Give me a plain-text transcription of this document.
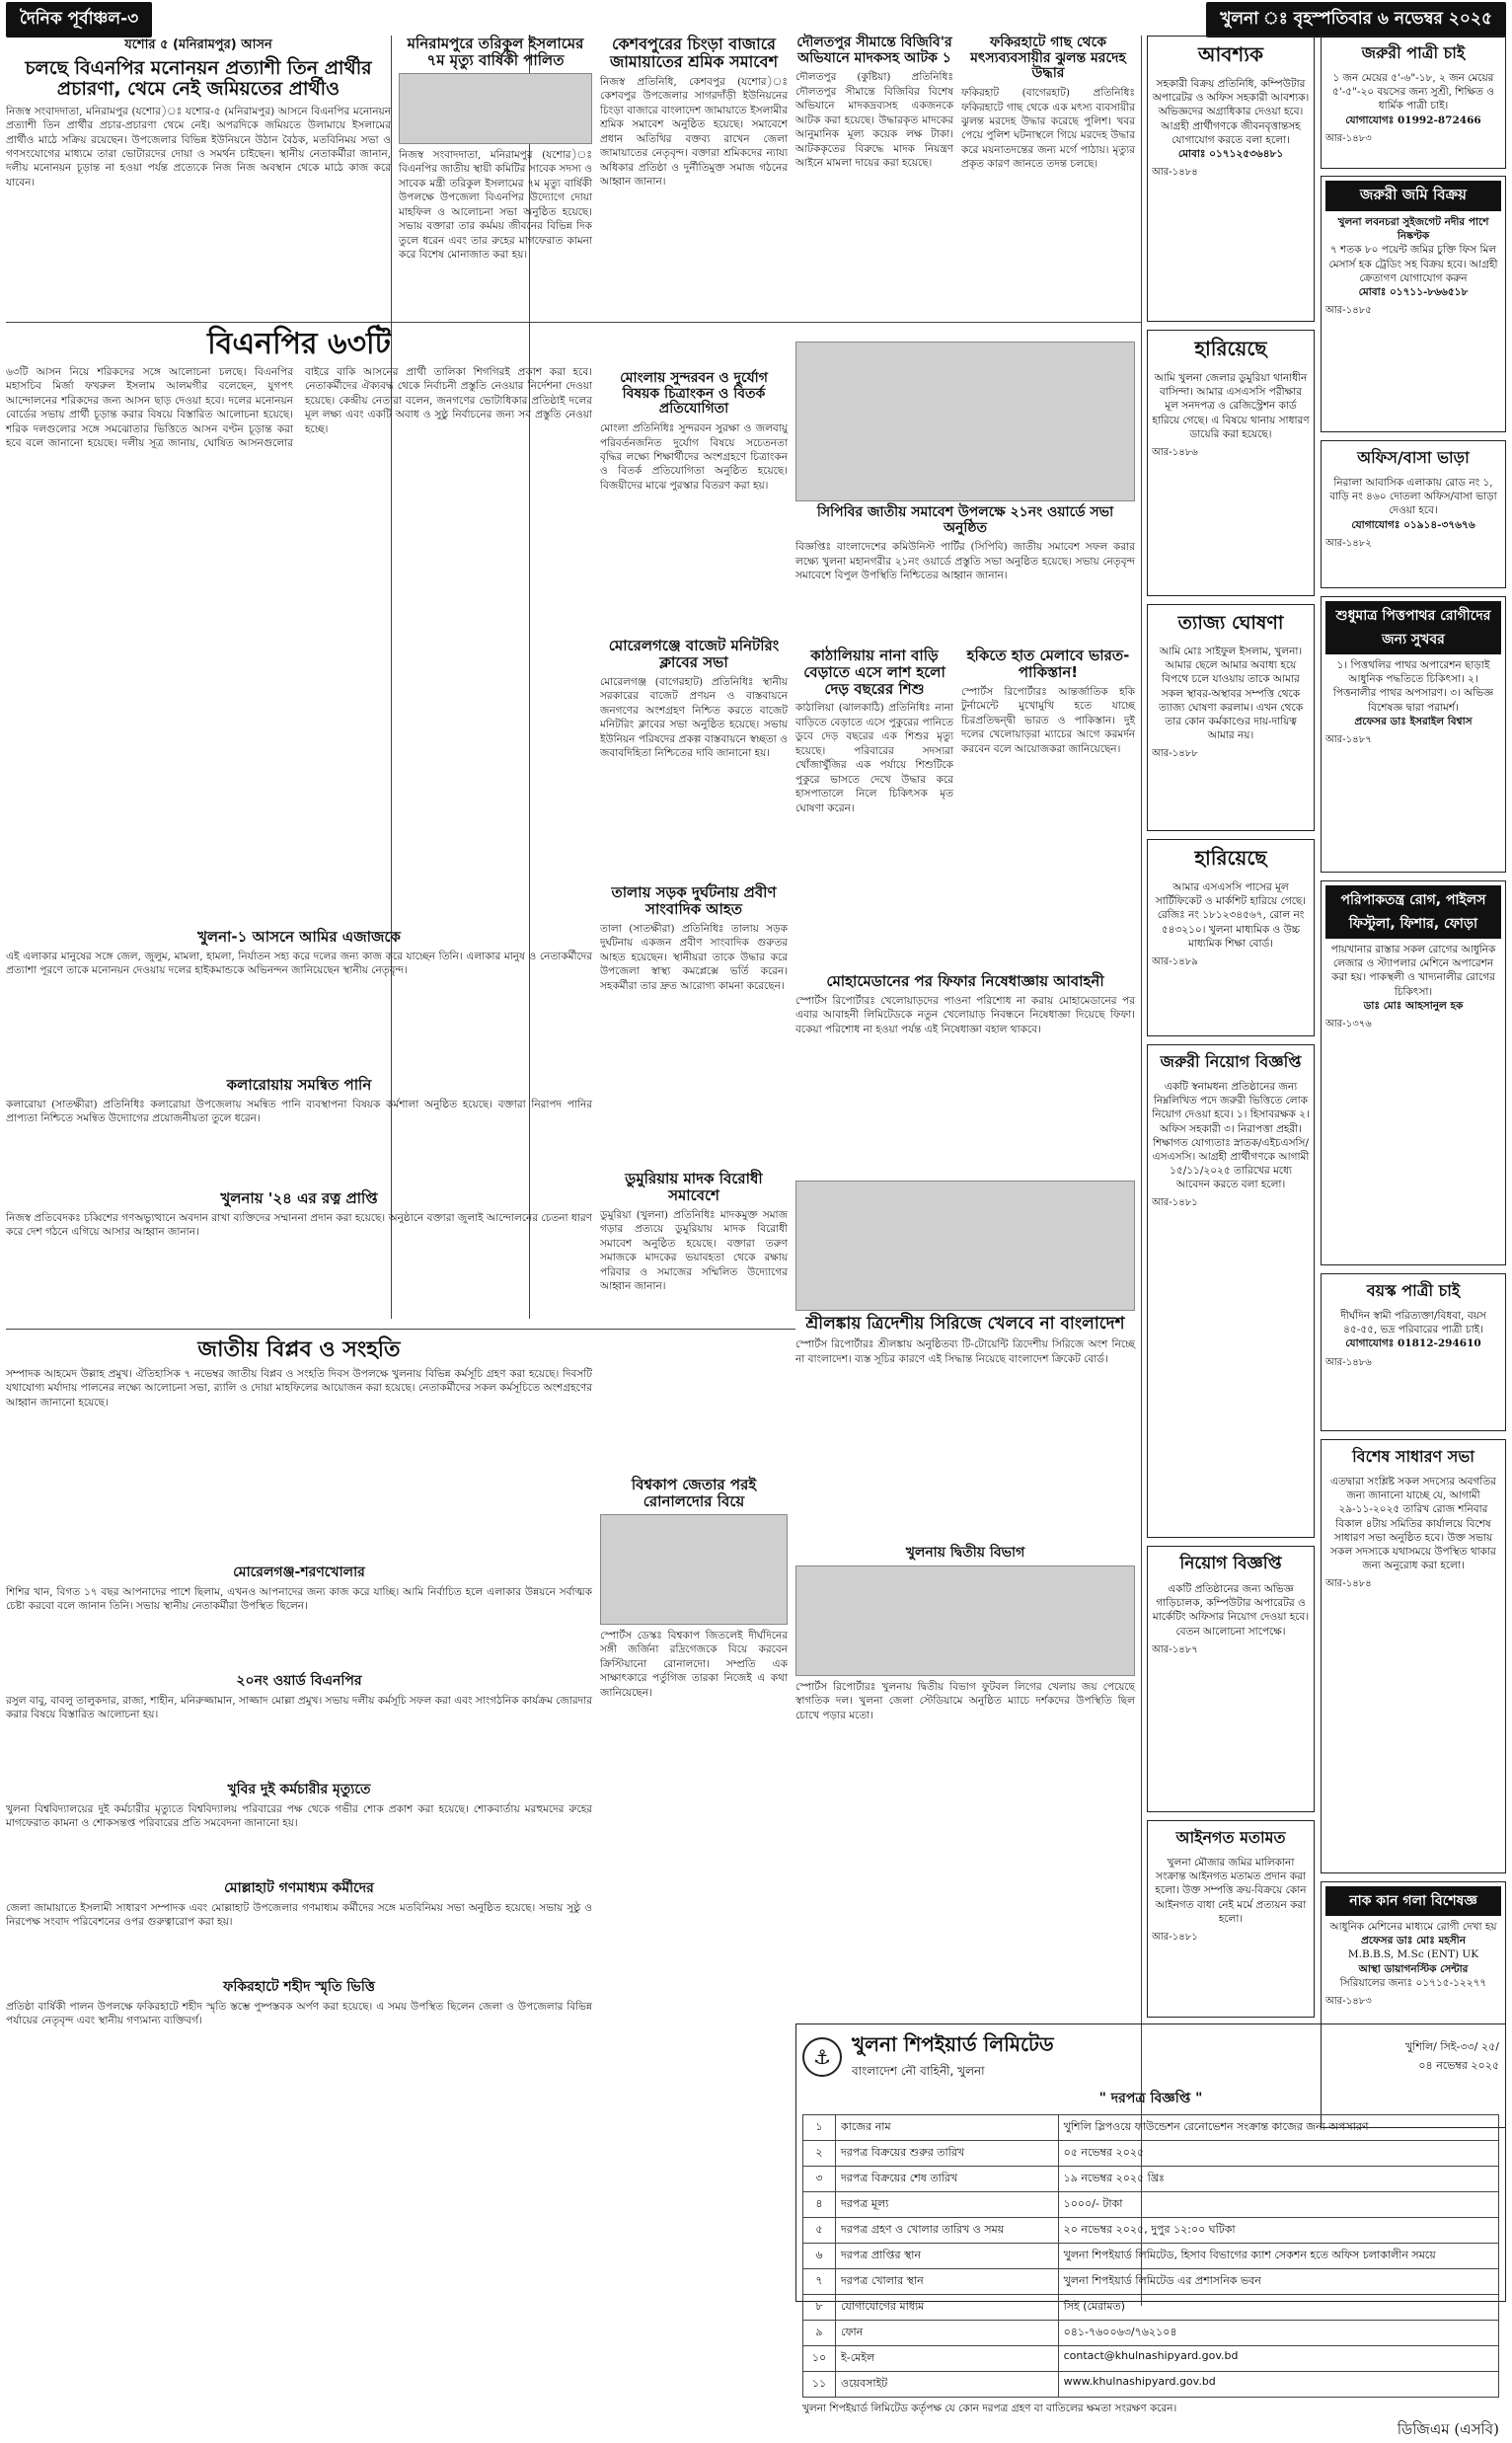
দৈনিক পূর্বাঞ্চল-৩	খুলনা ঃ বৃহস্পতিবার ৬ নভেম্বর ২০২৫
যশোর ৫ (মনিরামপুর) আসন
চলছে বিএনপির মনোনয়ন প্রত্যাশী তিন প্রার্থীর প্রচারণা, থেমে নেই জমিয়তের প্রার্থীও

নিজস্ব সংবাদদাতা, মনিরামপুর (যশোর)ঃ যশোর-৫ (মনিরামপুর) আসনে বিএনপির মনোনয়ন প্রত্যাশী তিন প্রার্থীর প্রচার-প্রচারণা থেমে নেই। অপরদিকে জমিয়তে উলামায়ে ইসলামের প্রার্থীও মাঠে সক্রিয় রয়েছেন। উপজেলার বিভিন্ন ইউনিয়নে উঠান বৈঠক, মতবিনিময় সভা ও গণসংযোগের মাধ্যমে তারা ভোটারদের দোয়া ও সমর্থন চাইছেন। স্থানীয় নেতাকর্মীরা জানান, দলীয় মনোনয়ন চূড়ান্ত না হওয়া পর্যন্ত প্রত্যেকে নিজ নিজ অবস্থান থেকে মাঠে কাজ করে যাবেন।

মনিরামপুরে তরিকুল ইসলামের ৭ম মৃত্যু বার্ষিকী পালিত

নিজস্ব সংবাদদাতা, মনিরামপুর (যশোর)ঃ বিএনপির জাতীয় স্থায়ী কমিটির সাবেক সদস্য ও সাবেক মন্ত্রী তরিকুল ইসলামের ৭ম মৃত্যু বার্ষিকী উপলক্ষে উপজেলা বিএনপির উদ্যোগে দোয়া মাহফিল ও আলোচনা সভা অনুষ্ঠিত হয়েছে। সভায় বক্তারা তার কর্মময় জীবনের বিভিন্ন দিক তুলে ধরেন এবং তার রুহের মাগফেরাত কামনা করে বিশেষ মোনাজাত করা হয়।

কেশবপুরের চিংড়া বাজারে জামায়াতের শ্রমিক সমাবেশ

নিজস্ব প্রতিনিধি, কেশবপুর (যশোর)ঃ কেশবপুর উপজেলার সাগরদাঁড়ী ইউনিয়নের চিংড়া বাজারে বাংলাদেশ জামায়াতে ইসলামীর শ্রমিক সমাবেশ অনুষ্ঠিত হয়েছে। সমাবেশে প্রধান অতিথির বক্তব্য রাখেন জেলা জামায়াতের নেতৃবৃন্দ। বক্তারা শ্রমিকদের ন্যায্য অধিকার প্রতিষ্ঠা ও দুর্নীতিমুক্ত সমাজ গঠনের আহ্বান জানান।

দৌলতপুর সীমান্তে বিজিবি'র অভিযানে মাদকসহ আটক ১

দৌলতপুর (কুষ্টিয়া) প্রতিনিধিঃ দৌলতপুর সীমান্তে বিজিবির বিশেষ অভিযানে মাদকদ্রব্যসহ একজনকে আটক করা হয়েছে। উদ্ধারকৃত মাদকের আনুমানিক মূল্য কয়েক লক্ষ টাকা। আটককৃতের বিরুদ্ধে মাদক নিয়ন্ত্রণ আইনে মামলা দায়ের করা হয়েছে।

ফকিরহাটে গাছ থেকে মৎস্যব্যবসায়ীর ঝুলন্ত মরদেহ উদ্ধার

ফকিরহাট (বাগেরহাট) প্রতিনিধিঃ ফকিরহাটে গাছ থেকে এক মৎস্য ব্যবসায়ীর ঝুলন্ত মরদেহ উদ্ধার করেছে পুলিশ। খবর পেয়ে পুলিশ ঘটনাস্থলে গিয়ে মরদেহ উদ্ধার করে ময়নাতদন্তের জন্য মর্গে পাঠায়। মৃত্যুর প্রকৃত কারণ জানতে তদন্ত চলছে।

বিএনপির ৬৩টি

৬৩টি আসন নিয়ে শরিকদের সঙ্গে আলোচনা চলছে। বিএনপির মহাসচিব মির্জা ফখরুল ইসলাম আলমগীর বলেছেন, যুগপৎ আন্দোলনের শরিকদের জন্য আসন ছাড় দেওয়া হবে। দলের মনোনয়ন বোর্ডের সভায় প্রার্থী চূড়ান্ত করার বিষয়ে বিস্তারিত আলোচনা হয়েছে। শরিক দলগুলোর সঙ্গে সমঝোতার ভিত্তিতে আসন বণ্টন চূড়ান্ত করা হবে বলে জানানো হয়েছে। দলীয় সূত্র জানায়, ঘোষিত আসনগুলোর বাইরে বাকি আসনের প্রার্থী তালিকা শিগগিরই প্রকাশ করা হবে। নেতাকর্মীদের ঐক্যবদ্ধ থেকে নির্বাচনী প্রস্তুতি নেওয়ার নির্দেশনা দেওয়া হয়েছে। কেন্দ্রীয় নেতারা বলেন, জনগণের ভোটাধিকার প্রতিষ্ঠাই দলের মূল লক্ষ্য এবং একটি অবাধ ও সুষ্ঠু নির্বাচনের জন্য সব প্রস্তুতি নেওয়া হচ্ছে।

মোংলায় সুন্দরবন ও দুর্যোগ বিষয়ক চিত্রাংকন ও বিতর্ক প্রতিযোগিতা

মোংলা প্রতিনিধিঃ সুন্দরবন সুরক্ষা ও জলবায়ু পরিবর্তনজনিত দুর্যোগ বিষয়ে সচেতনতা বৃদ্ধির লক্ষ্যে শিক্ষার্থীদের অংশগ্রহণে চিত্রাংকন ও বিতর্ক প্রতিযোগিতা অনুষ্ঠিত হয়েছে। বিজয়ীদের মাঝে পুরস্কার বিতরণ করা হয়।

কাঠালিয়ায় নানা বাড়ি বেড়াতে এসে লাশ হলো দেড় বছরের শিশু

কাঠালিয়া (ঝালকাঠি) প্রতিনিধিঃ নানা বাড়িতে বেড়াতে এসে পুকুরের পানিতে ডুবে দেড় বছরের এক শিশুর মৃত্যু হয়েছে। পরিবারের সদস্যরা খোঁজাখুঁজির এক পর্যায়ে শিশুটিকে পুকুরে ভাসতে দেখে উদ্ধার করে হাসপাতালে নিলে চিকিৎসক মৃত ঘোষণা করেন।

সিপিবির জাতীয় সমাবেশ উপলক্ষে ২১নং ওয়ার্ডে সভা অনুষ্ঠিত

বিজ্ঞপ্তিঃ বাংলাদেশের কমিউনিস্ট পার্টির (সিপিবি) জাতীয় সমাবেশ সফল করার লক্ষ্যে খুলনা মহানগরীর ২১নং ওয়ার্ডে প্রস্তুতি সভা অনুষ্ঠিত হয়েছে। সভায় নেতৃবৃন্দ সমাবেশে বিপুল উপস্থিতি নিশ্চিতের আহ্বান জানান।

মোরেলগঞ্জে বাজেট মনিটরিং ক্লাবের সভা

মোরেলগঞ্জ (বাগেরহাট) প্রতিনিধিঃ স্থানীয় সরকারের বাজেট প্রণয়ন ও বাস্তবায়নে জনগণের অংশগ্রহণ নিশ্চিত করতে বাজেট মনিটরিং ক্লাবের সভা অনুষ্ঠিত হয়েছে। সভায় ইউনিয়ন পরিষদের প্রকল্প বাস্তবায়নে স্বচ্ছতা ও জবাবদিহিতা নিশ্চিতের দাবি জানানো হয়।

হকিতে হাত মেলাবে ভারত-পাকিস্তান!

স্পোর্টস রিপোর্টারঃ আন্তর্জাতিক হকি টুর্নামেন্টে মুখোমুখি হতে যাচ্ছে চিরপ্রতিদ্বন্দ্বী ভারত ও পাকিস্তান। দুই দলের খেলোয়াড়রা ম্যাচের আগে করমর্দন করবেন বলে আয়োজকরা জানিয়েছেন।

খুলনা-১ আসনে আমির এজাজকে

এই এলাকার মানুষের সঙ্গে জেল, জুলুম, মামলা, হামলা, নির্যাতন সহ্য করে দলের জন্য কাজ করে যাচ্ছেন তিনি। এলাকার মানুষ ও নেতাকর্মীদের প্রত্যাশা পূরণে তাকে মনোনয়ন দেওয়ায় দলের হাইকমান্ডকে অভিনন্দন জানিয়েছেন স্থানীয় নেতৃবৃন্দ।

তালায় সড়ক দুর্ঘটনায় প্রবীণ সাংবাদিক আহত

তালা (সাতক্ষীরা) প্রতিনিধিঃ তালায় সড়ক দুর্ঘটনায় একজন প্রবীণ সাংবাদিক গুরুতর আহত হয়েছেন। স্থানীয়রা তাকে উদ্ধার করে উপজেলা স্বাস্থ্য কমপ্লেক্সে ভর্তি করেন। সহকর্মীরা তার দ্রুত আরোগ্য কামনা করেছেন।	মোহামেডানের পর ফিফার নিষেধাজ্ঞায় আবাহনী

স্পোর্টস রিপোর্টারঃ খেলোয়াড়দের পাওনা পরিশোধ না করায় মোহামেডানের পর এবার আবাহনী লিমিটেডকে নতুন খেলোয়াড় নিবন্ধনে নিষেধাজ্ঞা দিয়েছে ফিফা। বকেয়া পরিশোধ না হওয়া পর্যন্ত এই নিষেধাজ্ঞা বহাল থাকবে।

কলারোয়ায় সমন্বিত পানি

কলারোয়া (সাতক্ষীরা) প্রতিনিধিঃ কলারোয়া উপজেলায় সমন্বিত পানি ব্যবস্থাপনা বিষয়ক কর্মশালা অনুষ্ঠিত হয়েছে। বক্তারা নিরাপদ পানির প্রাপ্যতা নিশ্চিতে সমন্বিত উদ্যোগের প্রয়োজনীয়তা তুলে ধরেন।

খুলনায় '২৪ এর রত্ন প্রাপ্তি

নিজস্ব প্রতিবেদকঃ চব্বিশের গণঅভ্যুত্থানে অবদান রাখা ব্যক্তিদের সম্মাননা প্রদান করা হয়েছে। অনুষ্ঠানে বক্তারা জুলাই আন্দোলনের চেতনা ধারণ করে দেশ গঠনে এগিয়ে আসার আহ্বান জানান।

ডুমুরিয়ায় মাদক বিরোধী সমাবেশে

ডুমুরিয়া (খুলনা) প্রতিনিধিঃ মাদকমুক্ত সমাজ গড়ার প্রত্যয়ে ডুমুরিয়ায় মাদক বিরোধী সমাবেশ অনুষ্ঠিত হয়েছে। বক্তারা তরুণ সমাজকে মাদকের ভয়াবহতা থেকে রক্ষায় পরিবার ও সমাজের সম্মিলিত উদ্যোগের আহ্বান জানান।

শ্রীলঙ্কায় ত্রিদেশীয় সিরিজে খেলবে না বাংলাদেশ

স্পোর্টস রিপোর্টারঃ শ্রীলঙ্কায় অনুষ্ঠিতব্য টি-টোয়েন্টি ত্রিদেশীয় সিরিজে অংশ নিচ্ছে না বাংলাদেশ। ব্যস্ত সূচির কারণে এই সিদ্ধান্ত নিয়েছে বাংলাদেশ ক্রিকেট বোর্ড।

জাতীয় বিপ্লব ও সংহতি

সম্পাদক আহমেদ উল্লাহ প্রমুখ। ঐতিহাসিক ৭ নভেম্বর জাতীয় বিপ্লব ও সংহতি দিবস উপলক্ষে খুলনায় বিভিন্ন কর্মসূচি গ্রহণ করা হয়েছে। দিবসটি যথাযোগ্য মর্যাদায় পালনের লক্ষ্যে আলোচনা সভা, র‌্যালি ও দোয়া মাহফিলের আয়োজন করা হয়েছে। নেতাকর্মীদের সকল কর্মসূচিতে অংশগ্রহণের আহ্বান জানানো হয়েছে।

বিশ্বকাপ জেতার পরই রোনালদোর বিয়ে

স্পোর্টস ডেস্কঃ বিশ্বকাপ জিতলেই দীর্ঘদিনের সঙ্গী জর্জিনা রদ্রিগেজকে বিয়ে করবেন ক্রিস্টিয়ানো রোনালদো। সম্প্রতি এক সাক্ষাৎকারে পর্তুগিজ তারকা নিজেই এ কথা জানিয়েছেন।

মোরেলগঞ্জ-শরণখোলার

শিশির খান, বিগত ১৭ বছর আপনাদের পাশে ছিলাম, এখনও আপনাদের জন্য কাজ করে যাচ্ছি। আমি নির্বাচিত হলে এলাকার উন্নয়নে সর্বাত্মক চেষ্টা করবো বলে জানান তিনি। সভায় স্থানীয় নেতাকর্মীরা উপস্থিত ছিলেন।

২০নং ওয়ার্ড বিএনপির

রসুল বাবু, বাবলু তালুকদার, রাজা, শাহীন, মনিরুজ্জামান, সাজ্জাদ মোল্লা প্রমুখ। সভায় দলীয় কর্মসূচি সফল করা এবং সাংগঠনিক কার্যক্রম জোরদার করার বিষয়ে বিস্তারিত আলোচনা হয়।

খুলনায় দ্বিতীয় বিভাগ

স্পোর্টস রিপোর্টারঃ খুলনায় দ্বিতীয় বিভাগ ফুটবল লিগের খেলায় জয় পেয়েছে স্বাগতিক দল। খুলনা জেলা স্টেডিয়ামে অনুষ্ঠিত ম্যাচে দর্শকদের উপস্থিতি ছিল চোখে পড়ার মতো।

খুবির দুই কর্মচারীর মৃত্যুতে

খুলনা বিশ্ববিদ্যালয়ের দুই কর্মচারীর মৃত্যুতে বিশ্ববিদ্যালয় পরিবারের পক্ষ থেকে গভীর শোক প্রকাশ করা হয়েছে। শোকবার্তায় মরহুমদের রুহের মাগফেরাত কামনা ও শোকসন্তপ্ত পরিবারের প্রতি সমবেদনা জানানো হয়।

মোল্লাহাট গণমাধ্যম কর্মীদের

জেলা জামায়াতে ইসলামী সাধারণ সম্পাদক এবং মোল্লাহাট উপজেলার গণমাধ্যম কর্মীদের সঙ্গে মতবিনিময় সভা অনুষ্ঠিত হয়েছে। সভায় সুষ্ঠু ও নিরপেক্ষ সংবাদ পরিবেশনের ওপর গুরুত্বারোপ করা হয়।

ফকিরহাটে শহীদ স্মৃতি ভিত্তি

প্রতিষ্ঠা বার্ষিকী পালন উপলক্ষে ফকিরহাটে শহীদ স্মৃতি স্তম্ভে পুষ্পস্তবক অর্পণ করা হয়েছে। এ সময় উপস্থিত ছিলেন জেলা ও উপজেলার বিভিন্ন পর্যায়ের নেতৃবৃন্দ এবং স্থানীয় গণ্যমান্য ব্যক্তিবর্গ।

আবশ্যক

সহকারী বিক্রয় প্রতিনিধি, কম্পিউটার অপারেটর ও অফিস সহকারী আবশ্যক। অভিজ্ঞদের অগ্রাধিকার দেওয়া হবে। আগ্রহী প্রার্থীগণকে জীবনবৃত্তান্তসহ যোগাযোগ করতে বলা হলো।

মোবাঃ ০১৭১২৫৩৬৪৮১

আর-১৪৮৪
জরুরী পাত্রী চাই

১ জন মেয়ের ৫'-৬"-১৮, ২ জন মেয়ের ৫'-৫"-২০ বয়সের জন্য সুশ্রী, শিক্ষিত ও ধার্মিক পাত্রী চাই।

যোগাযোগঃ 01992-872466

আর-১৪৮৩
জরুরী জমি বিক্রয়

খুলনা লবনচরা সুইজগেট নদীর পাশে নিষ্কণ্টক

৭ শতক ৮০ পয়েন্ট জমির চুক্তি ফিস মিল মেসার্স হক ট্রেডিং সহ বিক্রয় হবে। আগ্রহী ক্রেতাগণ যোগাযোগ করুন

মোবাঃ ০১৭১১-৮৬৬৫১৮

আর-১৪৮৫
হারিয়েছে

আমি খুলনা জেলার ডুমুরিয়া থানাধীন বাসিন্দা। আমার এসএসসি পরীক্ষার মূল সনদপত্র ও রেজিস্ট্রেশন কার্ড হারিয়ে গেছে। এ বিষয়ে থানায় সাধারণ ডায়েরি করা হয়েছে।

আর-১৪৮৬	অফিস/বাসা ভাড়া

নিরালা আবাসিক এলাকায় রোড নং ১, বাড়ি নং ৪৬০ দোতলা অফিস/বাসা ভাড়া দেওয়া হবে।

যোগাযোগঃ ০১৯১৪-৩৭৬৭৬

আর-১৪৮২
ত্যাজ্য ঘোষণা

আমি মোঃ সাইফুল ইসলাম, খুলনা। আমার ছেলে আমার অবাধ্য হয়ে বিপথে চলে যাওয়ায় তাকে আমার সকল স্থাবর-অস্থাবর সম্পত্তি থেকে ত্যাজ্য ঘোষণা করলাম। এখন থেকে তার কোন কর্মকাণ্ডের দায়-দায়িত্ব আমার নয়।

আর-১৪৮৮
শুধুমাত্র পিত্তপাথর রোগীদের জন্য সুখবর

১। পিত্তথলির পাথর অপারেশন ছাড়াই আধুনিক পদ্ধতিতে চিকিৎসা। ২। পিত্তনালীর পাথর অপসারণ। ৩। অভিজ্ঞ বিশেষজ্ঞ দ্বারা পরামর্শ।

প্রফেসর ডাঃ ইসরাইল বিশ্বাস

আর-১৪৮৭
হারিয়েছে

আমার এসএসসি পাসের মূল সার্টিফিকেট ও মার্কশিট হারিয়ে গেছে। রেজিঃ নং ১৮১২৩৪৫৬৭, রোল নং ৫৪৩২১০। খুলনা মাধ্যমিক ও উচ্চ মাধ্যমিক শিক্ষা বোর্ড।

আর-১৪৮৯
পরিপাকতন্ত্র রোগ, পাইলস ফিস্টুলা, ফিশার, ফোড়া

পায়খানার রাস্তার সকল রোগের আধুনিক লেজার ও স্ট্যাপলার মেশিনে অপারেশন করা হয়। পাকস্থলী ও খাদ্যনালীর রোগের চিকিৎসা।

ডাঃ মোঃ আহসানুল হক

আর-১৩৭৬
জরুরী নিয়োগ বিজ্ঞপ্তি

একটি স্বনামধন্য প্রতিষ্ঠানের জন্য নিম্নলিখিত পদে জরুরী ভিত্তিতে লোক নিয়োগ দেওয়া হবে। ১। হিসাবরক্ষক ২। অফিস সহকারী ৩। নিরাপত্তা প্রহরী। শিক্ষাগত যোগ্যতাঃ স্নাতক/এইচএসসি/এসএসসি। আগ্রহী প্রার্থীগণকে আগামী ১৫/১১/২০২৫ তারিখের মধ্যে আবেদন করতে বলা হলো।

আর-১৪৮১
বয়স্ক পাত্রী চাই

দীর্ঘদিন স্বামী পরিত্যক্তা/বিধবা, বয়স ৪৫-৫৫, ভদ্র পরিবারের পাত্রী চাই।

যোগাযোগঃ 01812-294610

আর-১৪৮৬
বিশেষ সাধারণ সভা

এতদ্বারা সংশ্লিষ্ট সকল সদস্যের অবগতির জন্য জানানো যাচ্ছে যে, আগামী ২৯-১১-২০২৫ তারিখ রোজ শনিবার বিকাল ৪টায় সমিতির কার্যালয়ে বিশেষ সাধারণ সভা অনুষ্ঠিত হবে। উক্ত সভায় সকল সদস্যকে যথাসময়ে উপস্থিত থাকার জন্য অনুরোধ করা হলো।

আর-১৪৮৪
নিয়োগ বিজ্ঞপ্তি

একটি প্রতিষ্ঠানের জন্য অভিজ্ঞ গাড়িচালক, কম্পিউটার অপারেটর ও মার্কেটিং অফিসার নিয়োগ দেওয়া হবে। বেতন আলোচনা সাপেক্ষে।

আর-১৪৮৭
আইনগত মতামত

খুলনা মৌজার জমির মালিকানা সংক্রান্ত আইনগত মতামত প্রদান করা হলো। উক্ত সম্পত্তি ক্রয়-বিক্রয়ে কোন আইনগত বাধা নেই মর্মে প্রত্যয়ন করা হলো।

আর-১৪৮১
নাক কান গলা বিশেষজ্ঞ

আধুনিক মেশিনের মাধ্যমে রোগী দেখা হয়

প্রফেসর ডাঃ মোঃ মহসীন

M.B.B.S, M.Sc (ENT) UK

আস্থা ডায়াগনস্টিক সেন্টার

সিরিয়ালের জন্যঃ ০১৭১৫-১২২৭৭

আর-১৪৮৩
⚓
খুলনা শিপইয়ার্ড লিমিটেড
বাংলাদেশ নৌ বাহিনী, খুলনা
খুশিলি/ সিই-৩৩/ ২৫/
০৪ নভেম্বর ২০২৫
" দরপত্র বিজ্ঞপ্তি "
১	কাজের নাম	খুশিলি স্লিপওয়ে ফাউন্ডেশন রেনোভেশন সংক্রান্ত কাজের জন্য অপসারণ
২	দরপত্র বিক্রয়ের শুরুর তারিখ	০৫ নভেম্বর ২০২৫
৩	দরপত্র বিক্রয়ের শেষ তারিখ	১৯ নভেম্বর ২০২৫ খ্রিঃ
৪	দরপত্র মূল্য	১০০০/- টাকা
৫	দরপত্র গ্রহণ ও খোলার তারিখ ও সময়	২০ নভেম্বর ২০২৫, দুপুর ১২:০০ ঘটিকা
৬	দরপত্র প্রাপ্তির স্থান	খুলনা শিপইয়ার্ড লিমিটেড, হিসাব বিভাগের ক্যাশ সেকশন হতে অফিস চলাকালীন সময়ে
৭	দরপত্র খোলার স্থান	খুলনা শিপইয়ার্ড লিমিটেড এর প্রশাসনিক ভবন
৮	যোগাযোগের মাধ্যম	সিই (মেরামত)
৯	ফোন	০৪১-৭৬০০৬৩/৭৬২১০৪
১০	ই-মেইল	contact@khulnashipyard.gov.bd
১১	ওয়েবসাইট	www.khulnashipyard.gov.bd
খুলনা শিপইয়ার্ড লিমিটেড কর্তৃপক্ষ যে কোন দরপত্র গ্রহণ বা বাতিলের ক্ষমতা সংরক্ষণ করেন।
ডিজিএম (এসবি)
